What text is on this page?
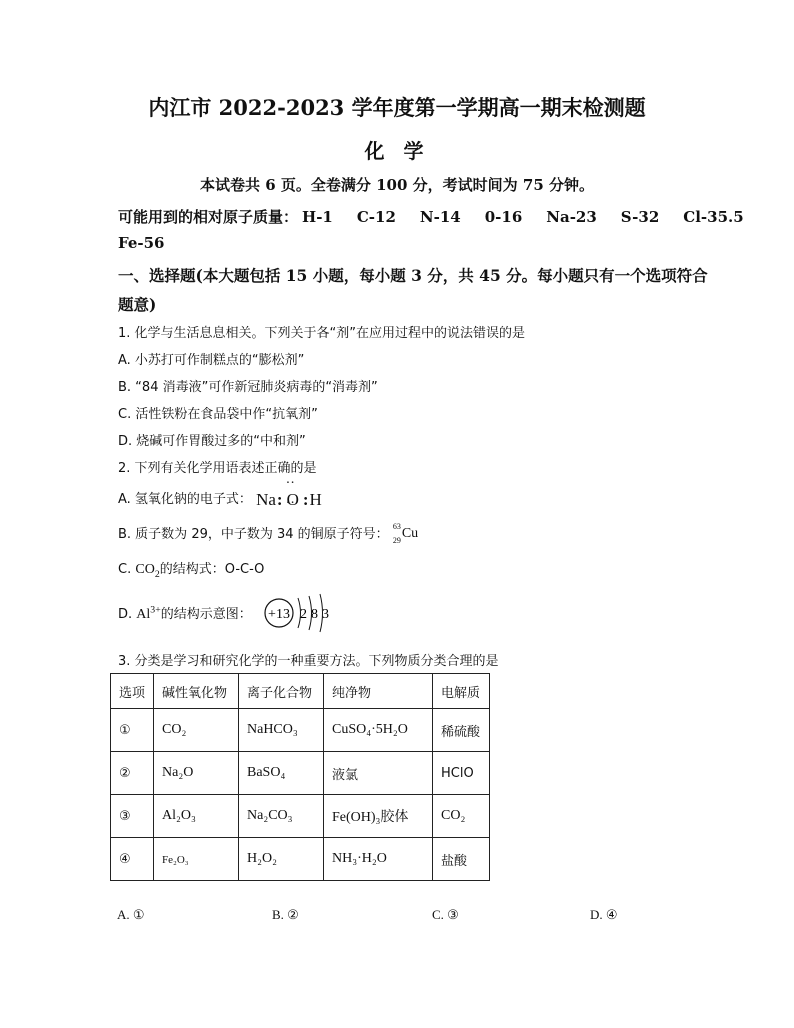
内江市 2022-2023 学年度第一学期高一期末检测题
化 学
本试卷共 6 页。全卷满分 100 分，考试时间为 75 分钟。
可能用到的相对原子质量： H-1 C-12 N-14 0-16 Na-23 S-32 Cl-35.5
Fe-56
一、选择题(本大题包括 15 小题，每小题 3 分，共 45 分。每小题只有一个选项符合
题意)
1. 化学与生活息息相关。下列关于各“剂”在应用过程中的说法错误的是
A. 小苏打可作制糕点的“膨松剂”
B. “84 消毒液”可作新冠肺炎病毒的“消毒剂”
C. 活性铁粉在食品袋中作“抗氧剂”
D. 烧碱可作胃酸过多的“中和剂”
2. 下列有关化学用语表述正确的是
A. 氢氧化钠的电子式： Na: ·· O ·· :H
B. 质子数为 29，中子数为 34 的铜原子符号：
63
29 Cu
C. $CO_2$的结构式：O-C-O
D. $Al^{3+}$的结构示意图： +13 2 8 3
3. 分类是学习和研究化学的一种重要方法。下列物质分类合理的是
选项	碱性氧化物	离子化合物	纯净物	电解质
①	CO₂	NaHCO₃	CuSO₄·5H₂O	稀硫酸
②	Na₂O	BaSO₄	液氯	HClO
③	Al₂O₃	Na₂CO₃	Fe(OH)₃胶体	CO₂
④	Fe₂O₃	H₂O₂	NH₃·H₂O	盐酸
A. ①	B. ②	C. ③	D. ④
